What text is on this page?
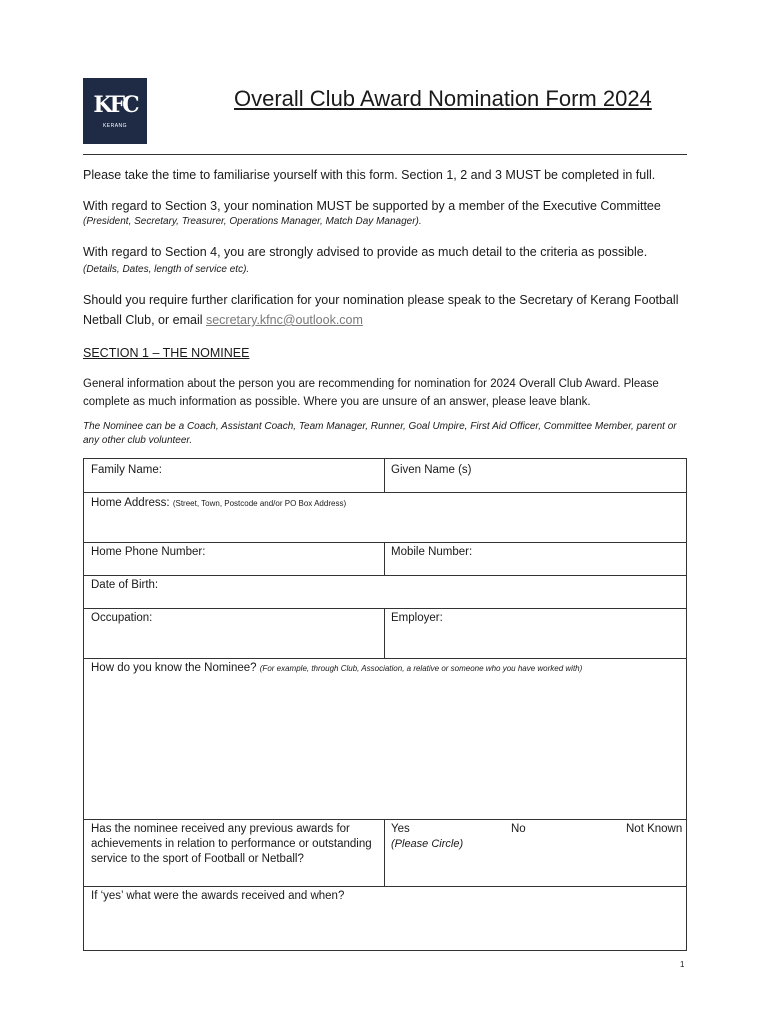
KFC
KERANG
Overall Club Award Nomination Form 2024
Please take the time to familiarise yourself with this form. Section 1, 2 and 3 MUST be completed in full.
With regard to Section 3, your nomination MUST be supported by a member of the Executive Committee
(President, Secretary, Treasurer, Operations Manager, Match Day Manager).
With regard to Section 4, you are strongly advised to provide as much detail to the criteria as possible.
(Details, Dates, length of service etc).
Should you require further clarification for your nomination please speak to the Secretary of Kerang Football
Netball Club, or email secretary.kfnc@outlook.com
SECTION 1 – THE NOMINEE
General information about the person you are recommending for nomination for 2024 Overall Club Award. Please complete as much information as possible. Where you are unsure of an answer, please leave blank.
The Nominee can be a Coach, Assistant Coach, Team Manager, Runner, Goal Umpire, First Aid Officer, Committee Member, parent or any other club volunteer.
Family Name:	Given Name (s)
Home Address: (Street, Town, Postcode and/or PO Box Address)
Home Phone Number:	Mobile Number:
Date of Birth:
Occupation:	Employer:
How do you know the Nominee? (For example, through Club, Association, a relative or someone who you have worked with)
Has the nominee received any previous awards for achievements in relation to performance or outstanding service to the sport of Football or Netball?
Yes	No	Not Known
(Please Circle)
If ‘yes’ what were the awards received and when?
1
